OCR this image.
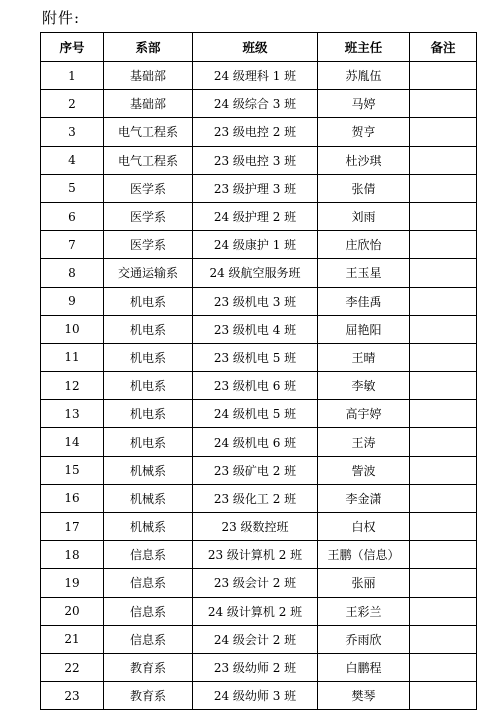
附件:
序号	系部	班级	班主任	备注
1	基础部	24 级理科 1 班	苏胤伍	
2	基础部	24 级综合 3 班	马婷	
3	电气工程系	23 级电控 2 班	贺亨	
4	电气工程系	23 级电控 3 班	杜沙琪	
5	医学系	23 级护理 3 班	张倩	
6	医学系	24 级护理 2 班	刘雨	
7	医学系	24 级康护 1 班	庄欣怡	
8	交通运输系	24 级航空服务班	王玉星	
9	机电系	23 级机电 3 班	李佳禹	
10	机电系	23 级机电 4 班	屈艳阳	
11	机电系	23 级机电 5 班	王晴	
12	机电系	23 级机电 6 班	李敏	
13	机电系	24 级机电 5 班	高宇婷	
14	机电系	24 级机电 6 班	王涛	
15	机械系	23 级矿电 2 班	訾波	
16	机械系	23 级化工 2 班	李金潇	
17	机械系	23 级数控班	白权	
18	信息系	23 级计算机 2 班	王鹏（信息）	
19	信息系	23 级会计 2 班	张丽	
20	信息系	24 级计算机 2 班	王彩兰	
21	信息系	24 级会计 2 班	乔雨欣	
22	教育系	23 级幼师 2 班	白鹏程	
23	教育系	24 级幼师 3 班	樊琴	
